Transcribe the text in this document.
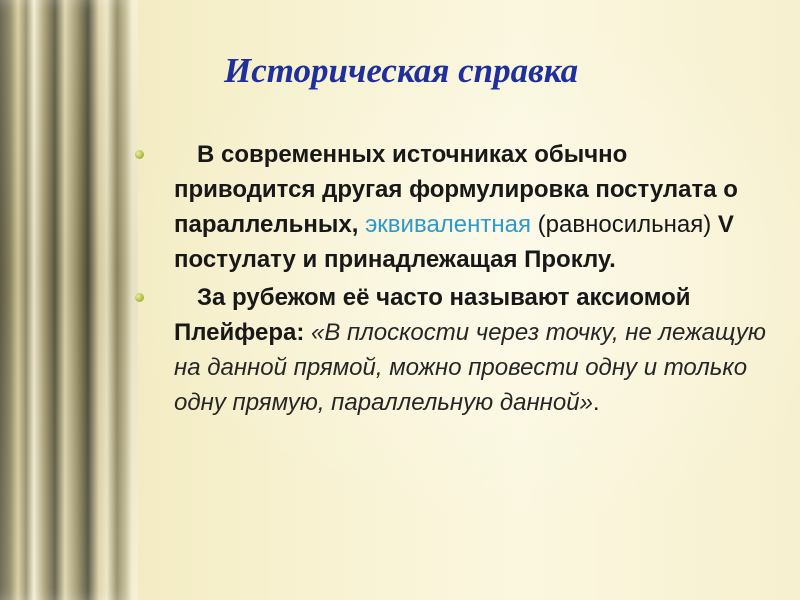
Историческая справка
В современных источниках обычно приводится другая формулировка постулата о параллельных, эквивалентная (равносильная) V постулату и принадлежащая Проклу.
За рубежом её часто называют аксиомой Плейфера: «В плоскости через точку, не лежащую на данной прямой, можно провести одну и только одну прямую, параллельную данной».
